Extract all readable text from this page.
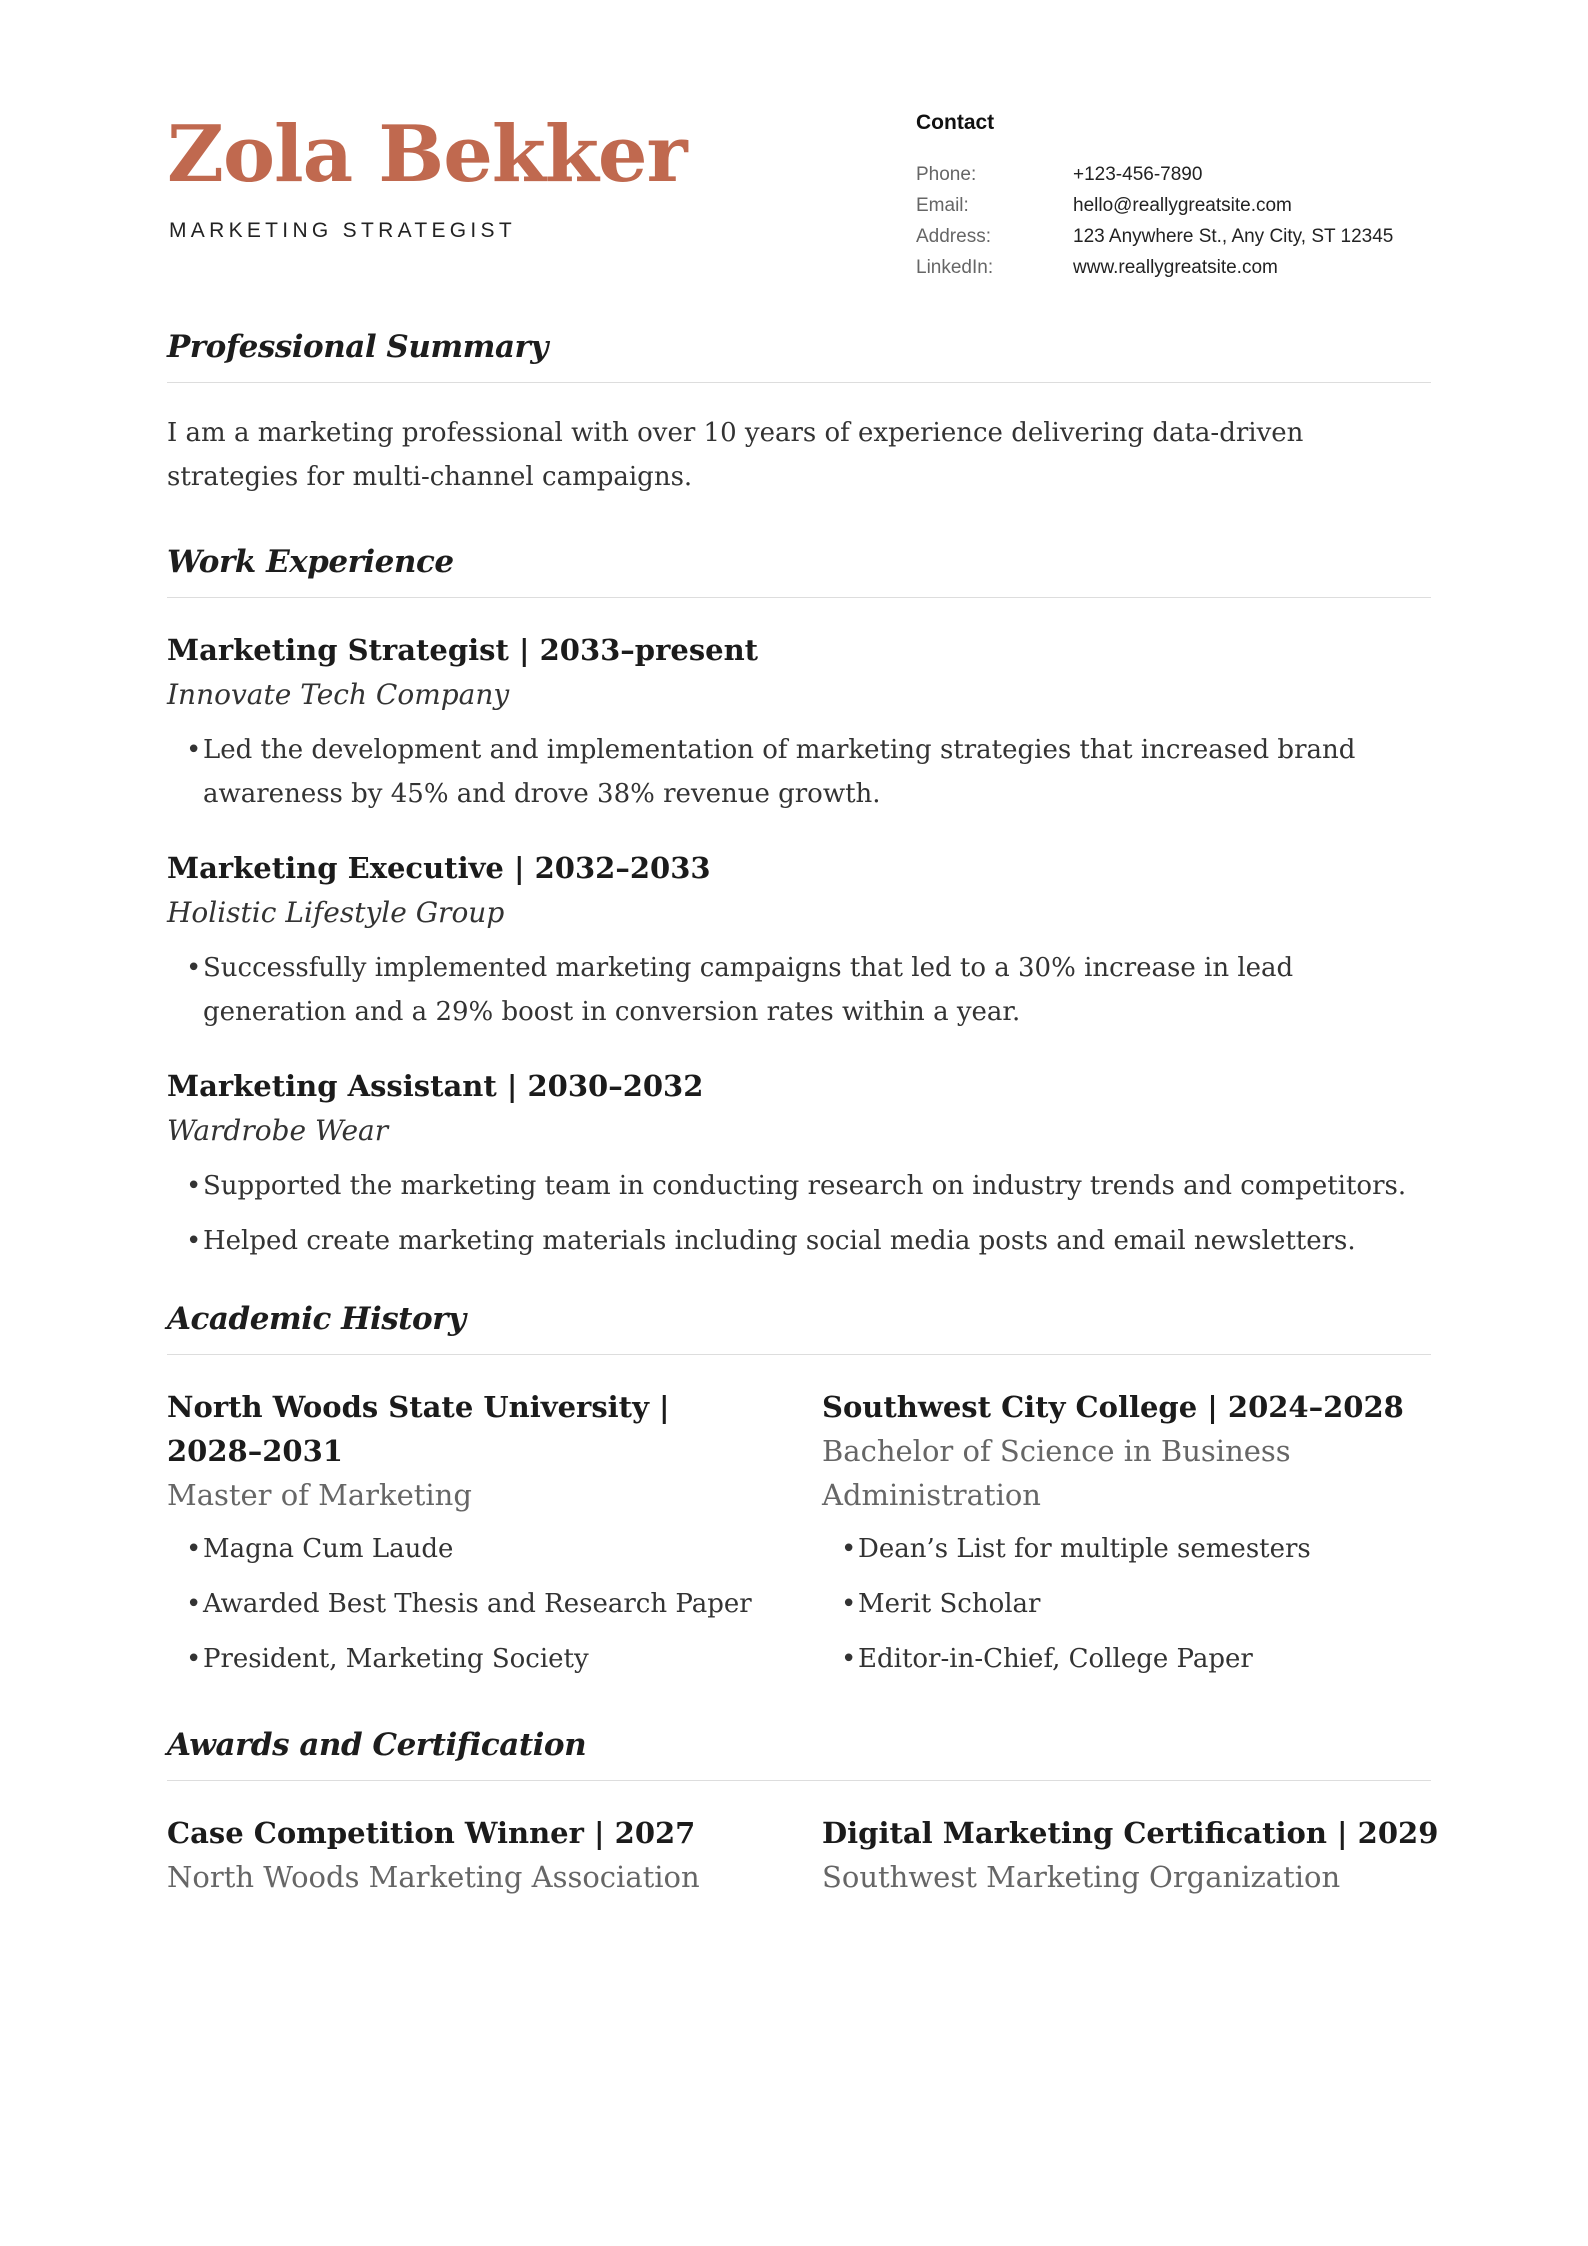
Zola Bekker
MARKETING STRATEGIST
Contact
Phone:	+123-456-7890
Email:	hello@reallygreatsite.com
Address:	123 Anywhere St., Any City, ST 12345
LinkedIn:	www.reallygreatsite.com
Professional Summary

I am a marketing professional with over 10 years of experience delivering data-driven strategies for multi-channel campaigns.

Work Experience

Marketing Strategist | 2033–present

Innovate Tech Company

• Led the development and implementation of marketing strategies that increased brand awareness by 45% and drove 38% revenue growth.

Marketing Executive | 2032–2033

Holistic Lifestyle Group

• Successfully implemented marketing campaigns that led to a 30% increase in lead generation and a 29% boost in conversion rates within a year.

Marketing Assistant | 2030–2032

Wardrobe Wear

• Supported the marketing team in conducting research on industry trends and competitors.
• Helped create marketing materials including social media posts and email newsletters.
Academic History

North Woods State University | 2028–2031

Master of Marketing

• Magna Cum Laude
• Awarded Best Thesis and Research Paper
• President, Marketing Society

Southwest City College | 2024–2028

Bachelor of Science in Business Administration

• Dean’s List for multiple semesters
• Merit Scholar
• Editor-in-Chief, College Paper
Awards and Certification

Case Competition Winner | 2027

North Woods Marketing Association

Digital Marketing Certification | 2029

Southwest Marketing Organization
